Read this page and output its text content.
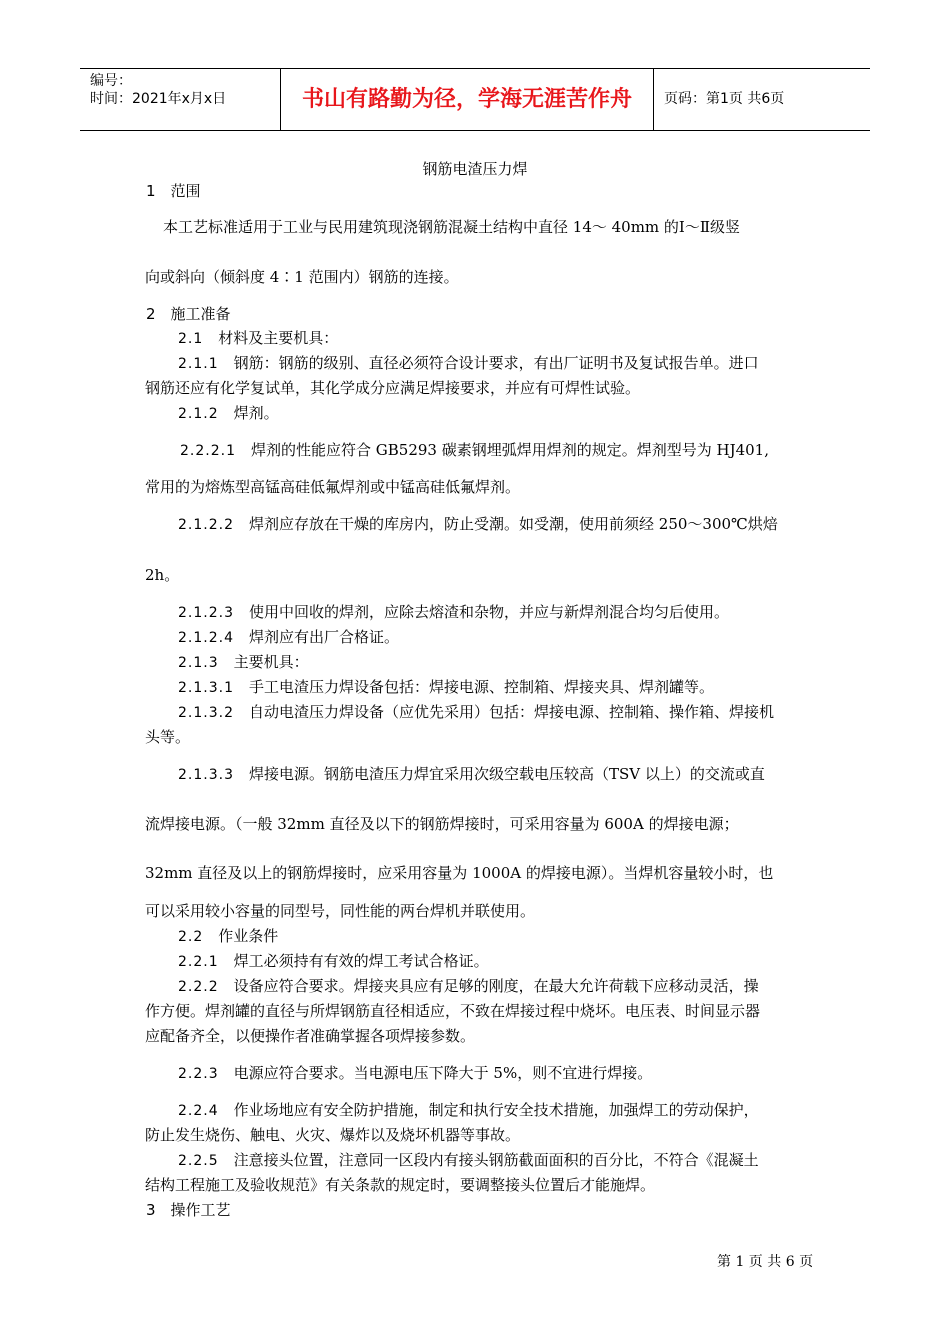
编号：
时间：2021年x月x日	书山有路勤为径，学海无涯苦作舟	页码：第1页 共6页
钢筋电渣压力焊
1　范围
本工艺标准适用于工业与民用建筑现浇钢筋混凝土结构中直径 14～ 40mm 的Ⅰ～Ⅱ级竖
向或斜向（倾斜度 4∶1 范围内）钢筋的连接。
2　施工准备
2.1　 材料及主要机具：
2.1.1　 钢筋：钢筋的级别、直径必须符合设计要求，有出厂证明书及复试报告单。进口
钢筋还应有化学复试单，其化学成分应满足焊接要求，并应有可焊性试验。
2.1.2　 焊剂。
2.2.2.1　 焊剂的性能应符合 GB5293 碳素钢埋弧焊用焊剂的规定。焊剂型号为 HJ401,
常用的为熔炼型高锰高硅低氟焊剂或中锰高硅低氟焊剂。
2.1.2.2　 焊剂应存放在干燥的库房内，防止受潮。如受潮，使用前须经 250～300℃烘焙
2h。
2.1.2.3　 使用中回收的焊剂，应除去熔渣和杂物，并应与新焊剂混合均匀后使用。
2.1.2.4　 焊剂应有出厂合格证。
2.1.3　 主要机具：
2.1.3.1　 手工电渣压力焊设备包括：焊接电源、控制箱、焊接夹具、焊剂罐等。
2.1.3.2　 自动电渣压力焊设备（应优先采用）包括：焊接电源、控制箱、操作箱、焊接机
头等。
2.1.3.3　 焊接电源。钢筋电渣压力焊宜采用次级空载电压较高（TSV 以上）的交流或直
流焊接电源。（一般 32mm 直径及以下的钢筋焊接时，可采用容量为 600A 的焊接电源；
32mm 直径及以上的钢筋焊接时，应采用容量为 1000A 的焊接电源）。当焊机容量较小时，也
可以采用较小容量的同型号，同性能的两台焊机并联使用。
2.2　 作业条件
2.2.1　 焊工必须持有有效的焊工考试合格证。
2.2.2　 设备应符合要求。焊接夹具应有足够的刚度，在最大允许荷载下应移动灵活，操
作方便。焊剂罐的直径与所焊钢筋直径相适应，不致在焊接过程中烧坏。电压表、时间显示器
应配备齐全，以便操作者准确掌握各项焊接参数。
2.2.3　 电源应符合要求。当电源电压下降大于 5%，则不宜进行焊接。
2.2.4　 作业场地应有安全防护措施，制定和执行安全技术措施，加强焊工的劳动保护，
防止发生烧伤、触电、火灾、爆炸以及烧坏机器等事故。
2.2.5　 注意接头位置，注意同一区段内有接头钢筋截面面积的百分比，不符合《混凝土
结构工程施工及验收规范》有关条款的规定时，要调整接头位置后才能施焊。
3　操作工艺
第 1 页 共 6 页
